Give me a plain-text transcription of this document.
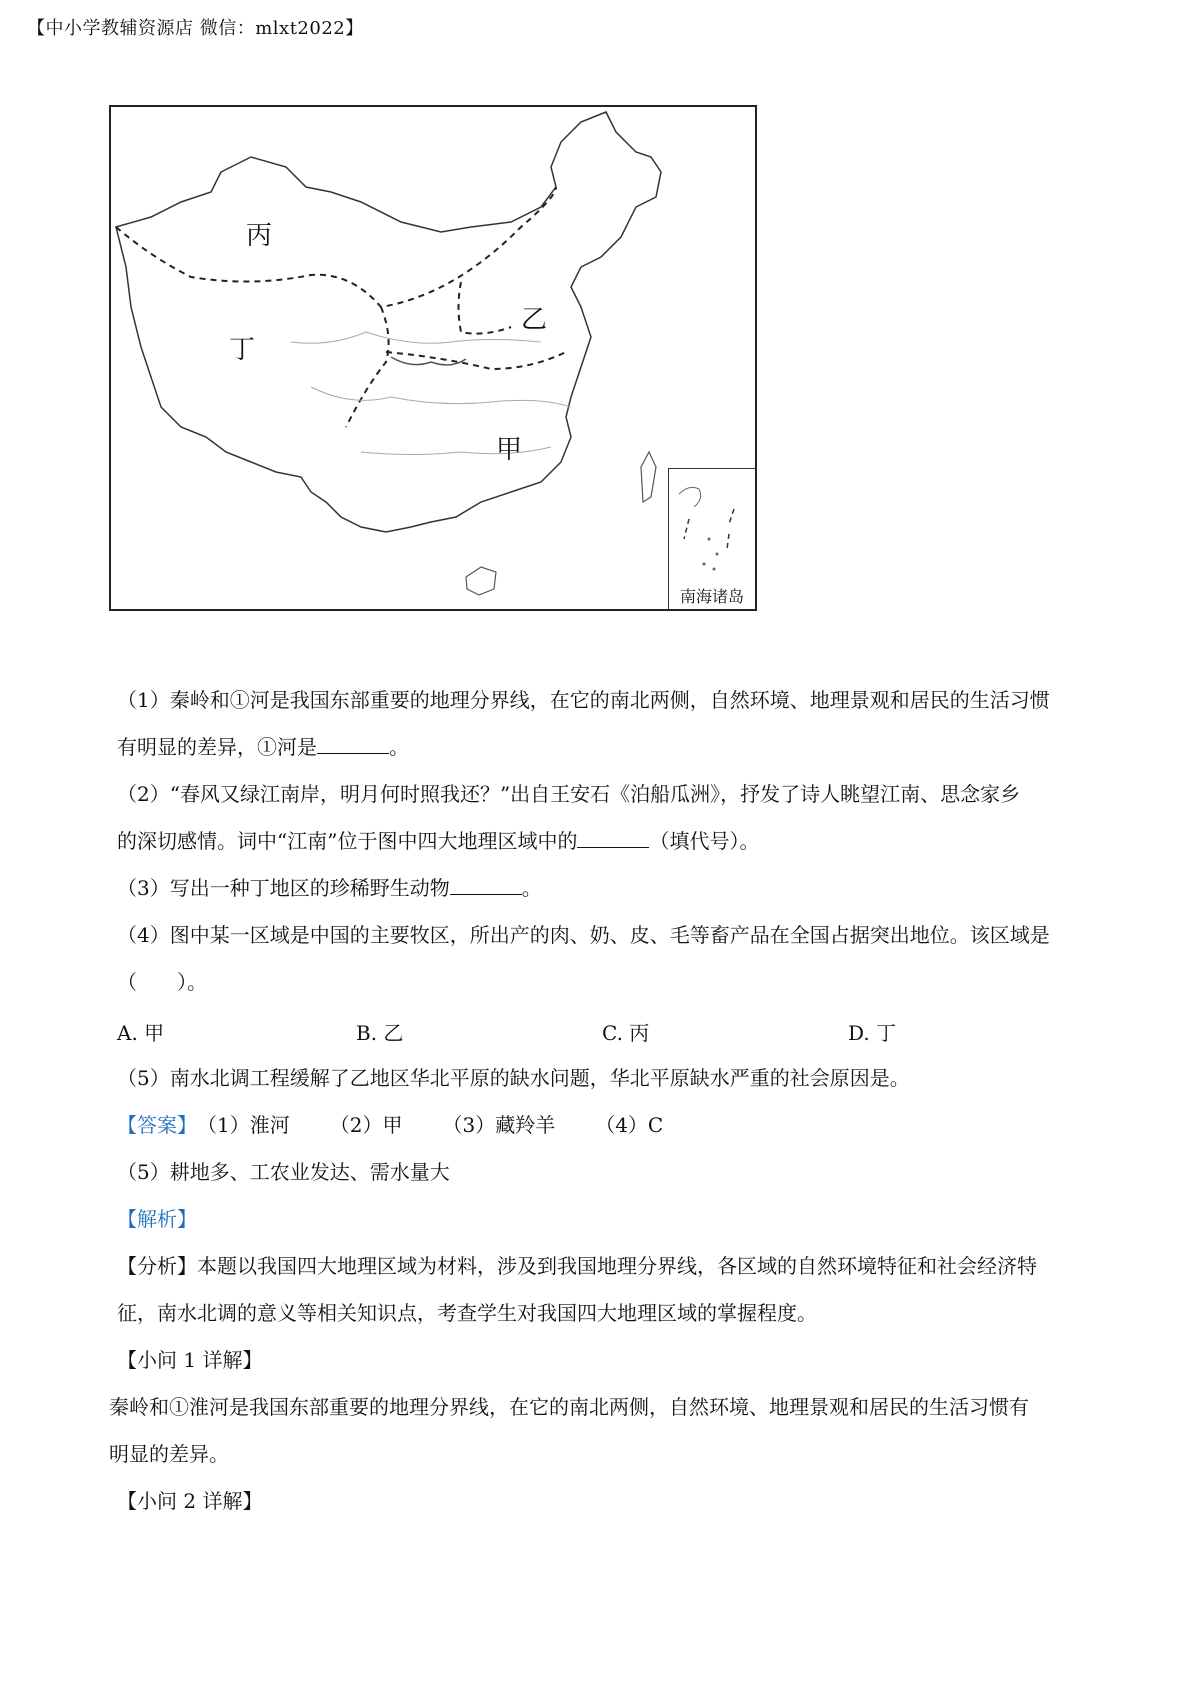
【中小学教辅资源店 微信：mlxt2022】
丙
乙
丁
甲
南海诸岛
（1）秦岭和①河是我国东部重要的地理分界线，在它的南北两侧，自然环境、地理景观和居民的生活习惯
有明显的差异，①河是	。
（2）“春风又绿江南岸，明月何时照我还？”出自王安石《泊船瓜洲》，抒发了诗人眺望江南、思念家乡
的深切感情。词中“江南”位于图中四大地理区域中的	（填代号）。
（3）写出一种丁地区的珍稀野生动物	。
（4）图中某一区域是中国的主要牧区，所出产的肉、奶、皮、毛等畜产品在全国占据突出地位。该区域是
（　　）。
A. 甲	B. 乙	C. 丙	D. 丁
（5）南水北调工程缓解了乙地区华北平原的缺水问题，华北平原缺水严重的社会原因是。
【答案】（1）淮河 （2）甲 （3）藏羚羊 （4）C
（5）耕地多、工农业发达、需水量大
【解析】
【分析】本题以我国四大地理区域为材料，涉及到我国地理分界线，各区域的自然环境特征和社会经济特
征，南水北调的意义等相关知识点，考查学生对我国四大地理区域的掌握程度。
【小问 1 详解】
秦岭和①淮河是我国东部重要的地理分界线，在它的南北两侧，自然环境、地理景观和居民的生活习惯有
明显的差异。
【小问 2 详解】
